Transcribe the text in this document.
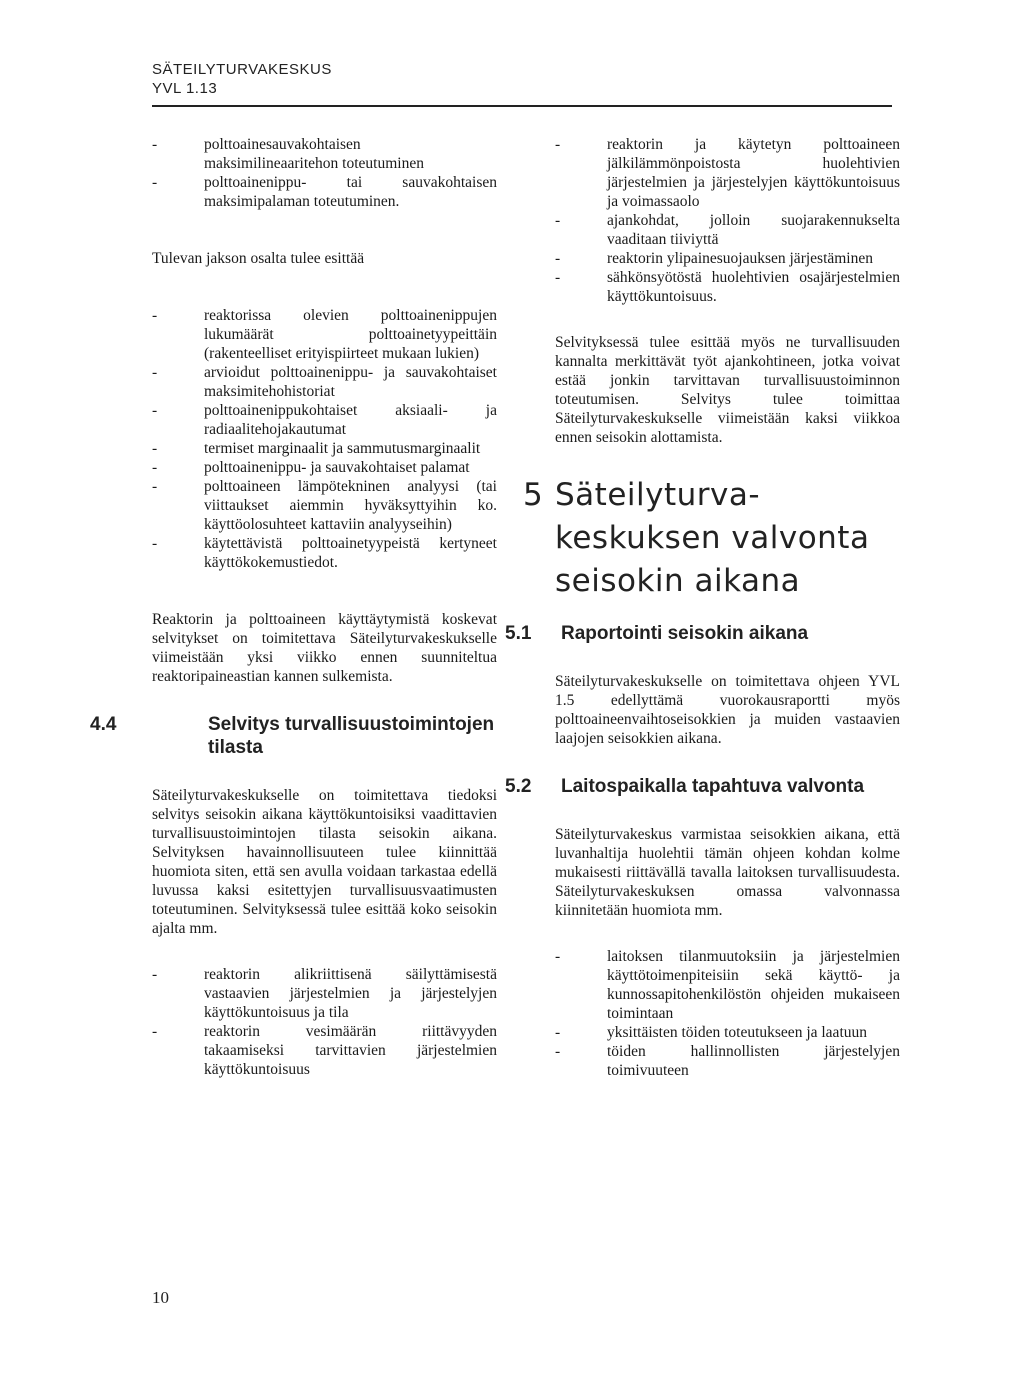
SÄTEILYTURVAKESKUS
YVL 1.13
- polttoainesauvakohtaisen maksimilineaaritehon toteutuminen
- polttoainenippu- tai sauvakohtaisen maksimipalaman toteutuminen.

Tulevan jakson osalta tulee esittää

- reaktorissa olevien polttoainenippujen lukumäärät polttoainetyypeittäin (rakenteelliset erityispiirteet mukaan lukien)
- arvioidut polttoainenippu- ja sauvakohtaiset maksimitehohistoriat
- polttoainenippukohtaiset aksiaali- ja radiaalitehojakautumat
- termiset marginaalit ja sammutusmarginaalit
- polttoainenippu- ja sauvakohtaiset palamat
- polttoaineen lämpötekninen analyysi (tai viittaukset aiemmin hyväksyttyihin ko. käyttöolosuhteet kattaviin analyyseihin)
- käytettävistä polttoainetyypeistä kertyneet käyttökokemustiedot.

Reaktorin ja polttoaineen käyttäytymistä koskevat selvitykset on toimitettava Säteilyturvakeskukselle viimeistään yksi viikko ennen suunniteltua reaktoripaineastian kannen sulkemista.

4.4	Selvitys turvallisuustoimintojen tilasta

Säteilyturvakeskukselle on toimitettava tiedoksi selvitys seisokin aikana käyttökuntoisiksi vaadittavien turvallisuustoimintojen tilasta seisokin aikana. Selvityksen havainnollisuuteen tulee kiinnittää huomiota siten, että sen avulla voidaan tarkastaa edellä luvussa kaksi esitettyjen turvallisuusvaatimusten toteutuminen. Selvityksessä tulee esittää koko seisokin ajalta mm.

- reaktorin alikriittisenä säilyttämisestä vastaavien järjestelmien ja järjestelyjen käyttökuntoisuus ja tila
- reaktorin vesimäärän riittävyyden takaamiseksi tarvittavien järjestelmien käyttökuntoisuus
- reaktorin ja käytetyn polttoaineen jälkilämmönpoistosta huolehtivien järjestelmien ja järjestelyjen käyttökuntoisuus ja voimassaolo
- ajankohdat, jolloin suojarakennukselta vaaditaan tiiviyttä
- reaktorin ylipainesuojauksen järjestäminen
- sähkönsyötöstä huolehtivien osajärjestelmien käyttökuntoisuus.

Selvityksessä tulee esittää myös ne turvallisuuden kannalta merkittävät työt ajankohtineen, jotka voivat estää jonkin tarvittavan turvallisuustoiminnon toteutumisen. Selvitys tulee toimittaa Säteilyturvakeskukselle viimeistään kaksi viikkoa ennen seisokin alottamista.

5 Säteilyturva-
keskuksen valvonta
seisokin aikana
5.1 Raportointi seisokin aikana

Säteilyturvakeskukselle on toimitettava ohjeen YVL 1.5 edellyttämä vuorokausraportti myös polttoaineenvaihtoseisokkien ja muiden vastaavien laajojen seisokkien aikana.

5.2 Laitospaikalla tapahtuva valvonta

Säteilyturvakeskus varmistaa seisokkien aikana, että luvanhaltija huolehtii tämän ohjeen kohdan kolme mukaisesti riittävällä tavalla laitoksen turvallisuudesta. Säteilyturvakeskuksen omassa valvonnassa kiinnitetään huomiota mm.

- laitoksen tilanmuutoksiin ja järjestelmien käyttötoimenpiteisiin sekä käyttö- ja kunnossapitohenkilöstön ohjeiden mukaiseen toimintaan
- yksittäisten töiden toteutukseen ja laatuun
- töiden hallinnollisten järjestelyjen toimivuuteen
10
